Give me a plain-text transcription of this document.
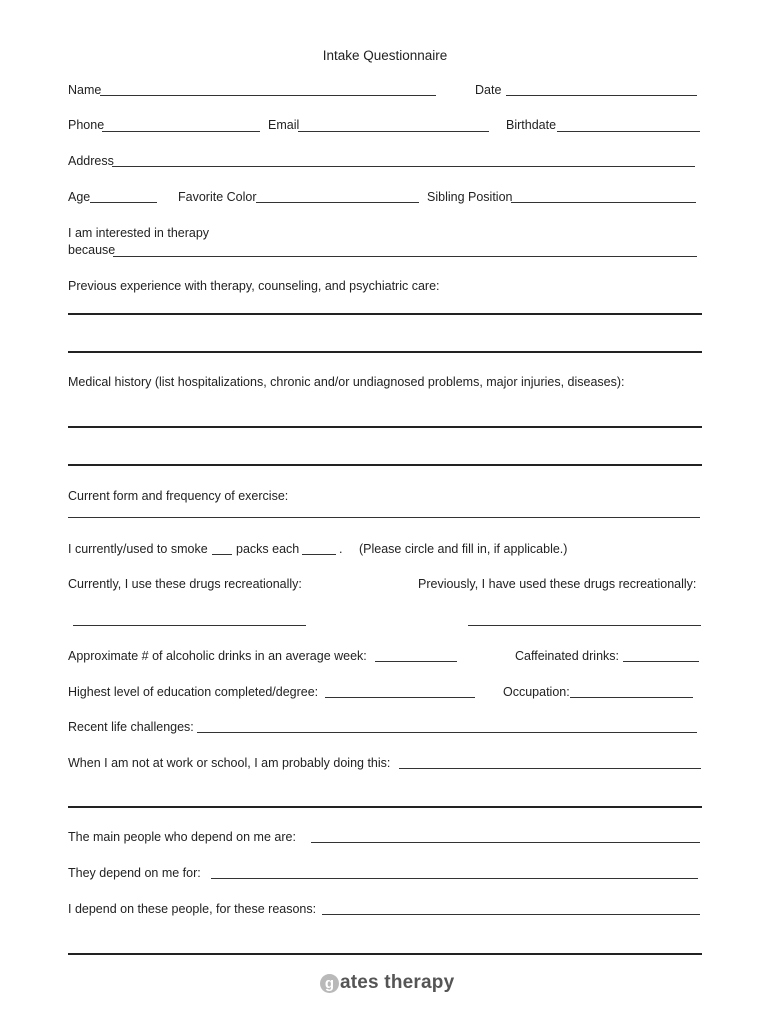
Intake Questionnaire
Name	Date
Phone	Email	Birthdate
Address
Age	Favorite Color	Sibling Position
I am interested in therapy
because
Previous experience with therapy, counseling, and psychiatric care:
Medical history (list hospitalizations, chronic and/or undiagnosed problems, major injuries, diseases):
Current form and frequency of exercise:
I currently/used to smoke packs each	. (Please circle and fill in, if applicable.)
Currently, I use these drugs recreationally:	Previously, I have used these drugs recreationally:
Approximate # of alcoholic drinks in an average week:	Caffeinated drinks:
Highest level of education completed/degree:	Occupation:
Recent life challenges:
When I am not at work or school, I am probably doing this:
The main people who depend on me are:
They depend on me for:
I depend on these people, for these reasons:
g ates therapy
